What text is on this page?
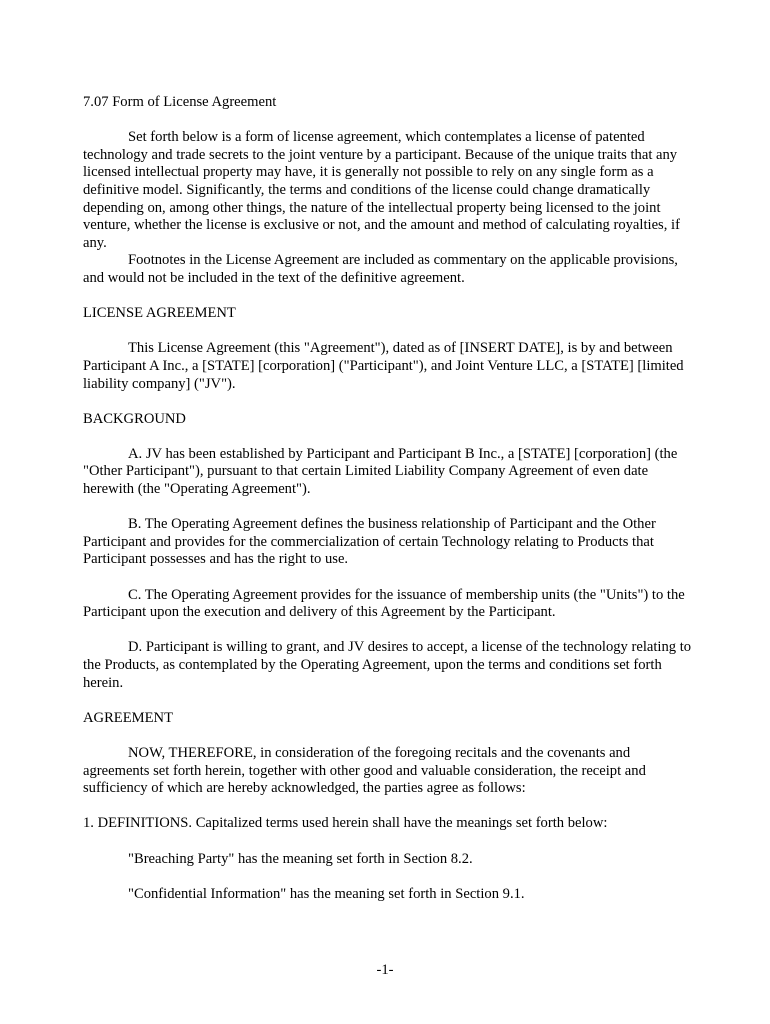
7.07 Form of License Agreement

Set forth below is a form of license agreement, which contemplates a license of patented technology and trade secrets to the joint venture by a participant. Because of the unique traits that any licensed intellectual property may have, it is generally not possible to rely on any single form as a definitive model. Significantly, the terms and conditions of the license could change dramatically depending on, among other things, the nature of the intellectual property being licensed to the joint venture, whether the license is exclusive or not, and the amount and method of calculating royalties, if any.

Footnotes in the License Agreement are included as commentary on the applicable provisions, and would not be included in the text of the definitive agreement.

LICENSE AGREEMENT

This License Agreement (this "Agreement"), dated as of [INSERT DATE], is by and between Participant A Inc., a [STATE] [corporation] ("Participant"), and Joint Venture LLC, a [STATE] [limited liability company] ("JV").

BACKGROUND

A. JV has been established by Participant and Participant B Inc., a [STATE] [corporation] (the "Other Participant"), pursuant to that certain Limited Liability Company Agreement of even date herewith (the "Operating Agreement").

B. The Operating Agreement defines the business relationship of Participant and the Other Participant and provides for the commercialization of certain Technology relating to Products that Participant possesses and has the right to use.

C. The Operating Agreement provides for the issuance of membership units (the "Units") to the Participant upon the execution and delivery of this Agreement by the Participant.

D. Participant is willing to grant, and JV desires to accept, a license of the technology relating to the Products, as contemplated by the Operating Agreement, upon the terms and conditions set forth herein.

AGREEMENT

NOW, THEREFORE, in consideration of the foregoing recitals and the covenants and agreements set forth herein, together with other good and valuable consideration, the receipt and sufficiency of which are hereby acknowledged, the parties agree as follows:

1. DEFINITIONS. Capitalized terms used herein shall have the meanings set forth below:

"Breaching Party" has the meaning set forth in Section 8.2.

"Confidential Information" has the meaning set forth in Section 9.1.

-1-
